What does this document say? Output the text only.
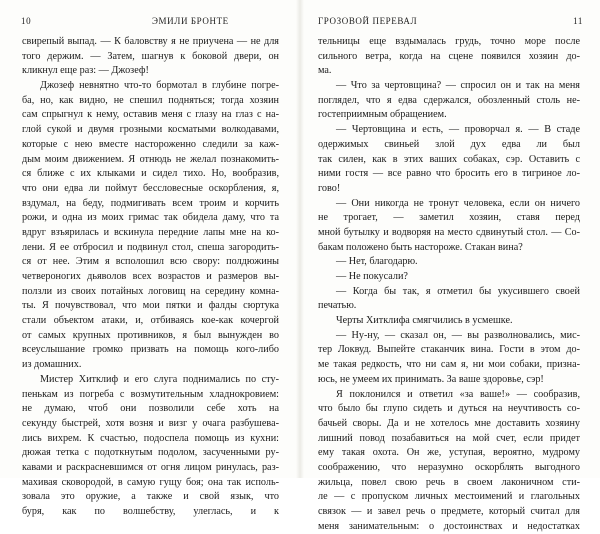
10	ЭМИЛИ БРОНТЕ
свирепый выпад. — К баловству я не приучена — не для
того держим. — Затем, шагнув к боковой двери, он
кликнул еще раз: — Джозеф!
Джозеф невнятно что-то бормотал в глубине погре-
ба, но, как видно, не спешил подняться; тогда хозяин
сам спрыгнул к нему, оставив меня с глазу на глаз с на-
глой сукой и двумя грозными косматыми волкодавами,
которые с нею вместе настороженно следили за каж-
дым моим движением. Я отнюдь не желал познакомить-
ся ближе с их клыками и сидел тихо. Но, вообразив,
что они едва ли поймут бессловесные оскорбления, я,
вздумал, на беду, подмигивать всем троим и корчить
рожи, и одна из моих гримас так обидела даму, что та
вдруг взъярилась и вскинула передние лапы мне на ко-
лени. Я ее отбросил и подвинул стол, спеша загородить-
ся от нее. Этим я всполошил всю свору: полдюжины
четвероногих дьяволов всех возрастов и размеров вы-
ползли из своих потайных логовищ на середину комна-
ты. Я почувствовал, что мои пятки и фалды сюртука
стали объектом атаки, и, отбиваясь кое-как кочергой
от самых крупных противников, я был вынужден во
всеуслышание громко призвать на помощь кого-либо
из домашних.
Мистер Хитклиф и его слуга поднимались по сту-
пенькам из погреба с возмутительным хладнокровием:
не думаю, чтоб они позволили себе хоть на
секунду быстрей, хотя возня и визг у очага разбушева-
лись вихрем. К счастью, подоспела помощь из кухни:
дюжая тетка с подоткнутым подолом, засученными ру-
кавами и раскрасневшимся от огня лицом ринулась, раз-
махивая сковородой, в самую гущу боя; она так исполь-
зовала это оружие, а также и свой язык, что
буря, как по волшебству, улеглась, и к
ГРОЗОВОЙ ПЕРЕВАЛ	11
тельницы еще вздымалась грудь, точно море после
сильного ветра, когда на сцене появился хозяин до-
ма.
— Что за чертовщина? — спросил он и так на меня
поглядел, что я едва сдержался, обозленный столь не-
гостеприимным обращением.
— Чертовщина и есть, — проворчал я. — В стаде
одержимых свиньей злой дух едва ли был
так силен, как в этих ваших собаках, сэр. Оставить с
ними гостя — все равно что бросить его в тигриное ло-
гово!
— Они никогда не тронут человека, если он ничего
не трогает, — заметил хозяин, ставя перед
мной бутылку и водворяя на место сдвинутый стол. — Со-
бакам положено быть настороже. Стакан вина?
— Нет, благодарю.
— Не покусали?
— Когда бы так, я отметил бы укусившего своей
печатью.
Черты Хитклифа смягчились в усмешке.
— Ну-ну, — сказал он, — вы разволновались, мис-
тер Локвуд. Выпейте стаканчик вина. Гости в этом до-
ме такая редкость, что ни сам я, ни мои собаки, призна-
юсь, не умеем их принимать. За ваше здоровье, сэр!
Я поклонился и ответил «за ваше!» — сообразив,
что было бы глупо сидеть и дуться на неучтивость со-
бачьей своры. Да и не хотелось мне доставить хозяину
лишний повод позабавиться на мой счет, если придет
ему такая охота. Он же, уступая, вероятно, мудрому
соображению, что неразумно оскорблять выгодного
жильца, повел свою речь в своем лаконичном сти-
ле — с пропуском личных местоимений и глагольных
связок — и завел речь о предмете, который считал для
меня занимательным: о достоинствах и недостатках
